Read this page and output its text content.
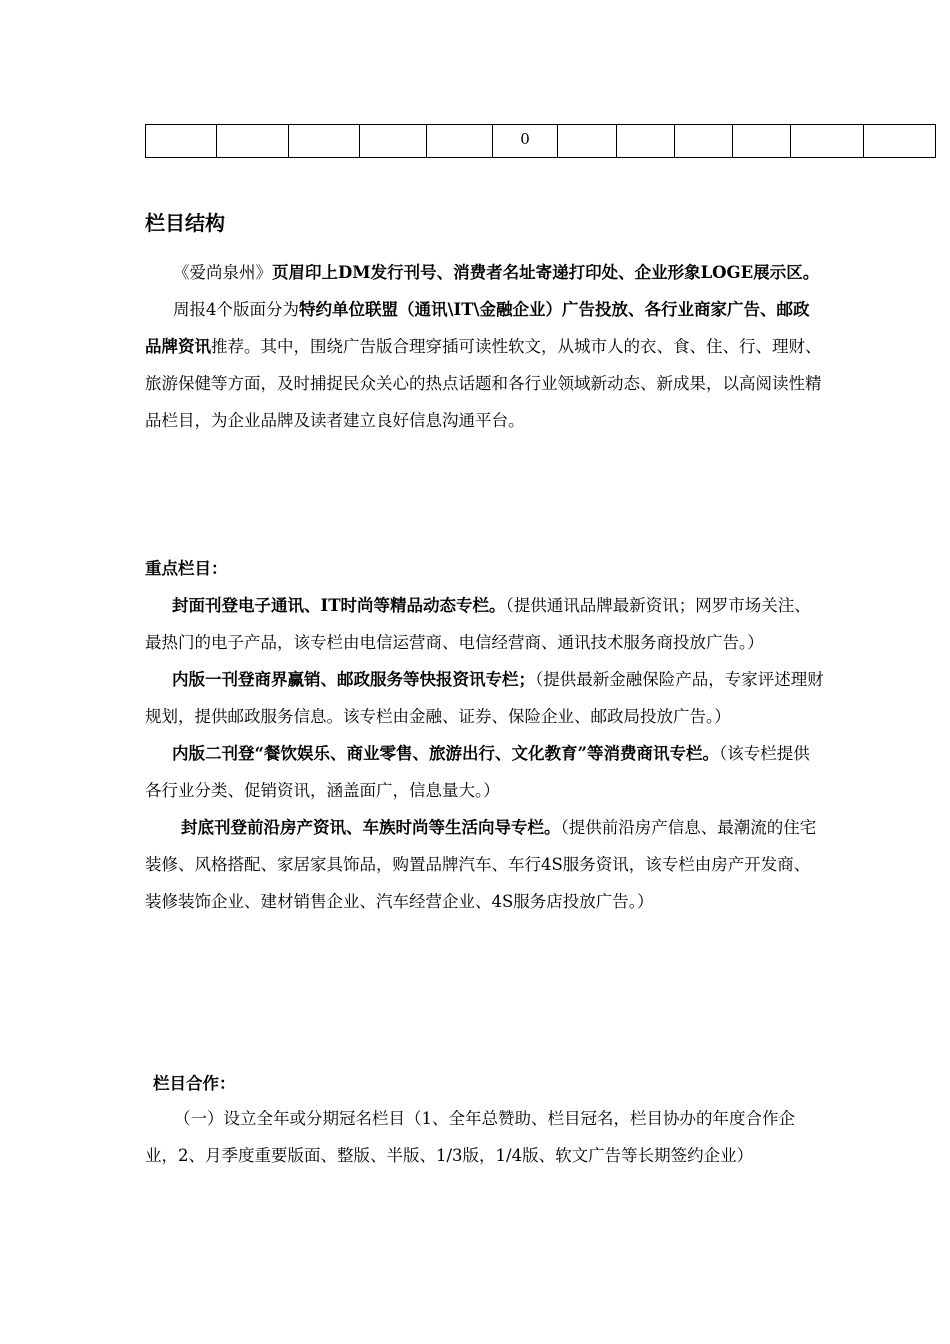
					0						
栏目结构

《爱尚泉州》页眉印上DM发行刊号、消费者名址寄递打印处、企业形象LOGE展示区。

周报4个版面分为特约单位联盟（通讯\IT\金融企业）广告投放、各行业商家广告、邮政品牌资讯推荐。其中，围绕广告版合理穿插可读性软文，从城市人的衣、食、住、行、理财、旅游保健等方面，及时捕捉民众关心的热点话题和各行业领域新动态、新成果，以高阅读性精品栏目，为企业品牌及读者建立良好信息沟通平台。

重点栏目：

封面刊登电子通讯、IT时尚等精品动态专栏。（提供通讯品牌最新资讯；网罗市场关注、最热门的电子产品，该专栏由电信运营商、电信经营商、通讯技术服务商投放广告。）

内版一刊登商界赢销、邮政服务等快报资讯专栏；（提供最新金融保险产品，专家评述理财规划，提供邮政服务信息。该专栏由金融、证券、保险企业、邮政局投放广告。）

内版二刊登“餐饮娱乐、商业零售、旅游出行、文化教育”等消费商讯专栏。（该专栏提供各行业分类、促销资讯，涵盖面广，信息量大。）

封底刊登前沿房产资讯、车族时尚等生活向导专栏。（提供前沿房产信息、最潮流的住宅装修、风格搭配、家居家具饰品，购置品牌汽车、车行4S服务资讯，该专栏由房产开发商、装修装饰企业、建材销售企业、汽车经营企业、4S服务店投放广告。）

栏目合作：

（一）设立全年或分期冠名栏目（1、全年总赞助、栏目冠名，栏目协办的年度合作企业，2、月季度重要版面、整版、半版、1/3版，1/4版、软文广告等长期签约企业）
